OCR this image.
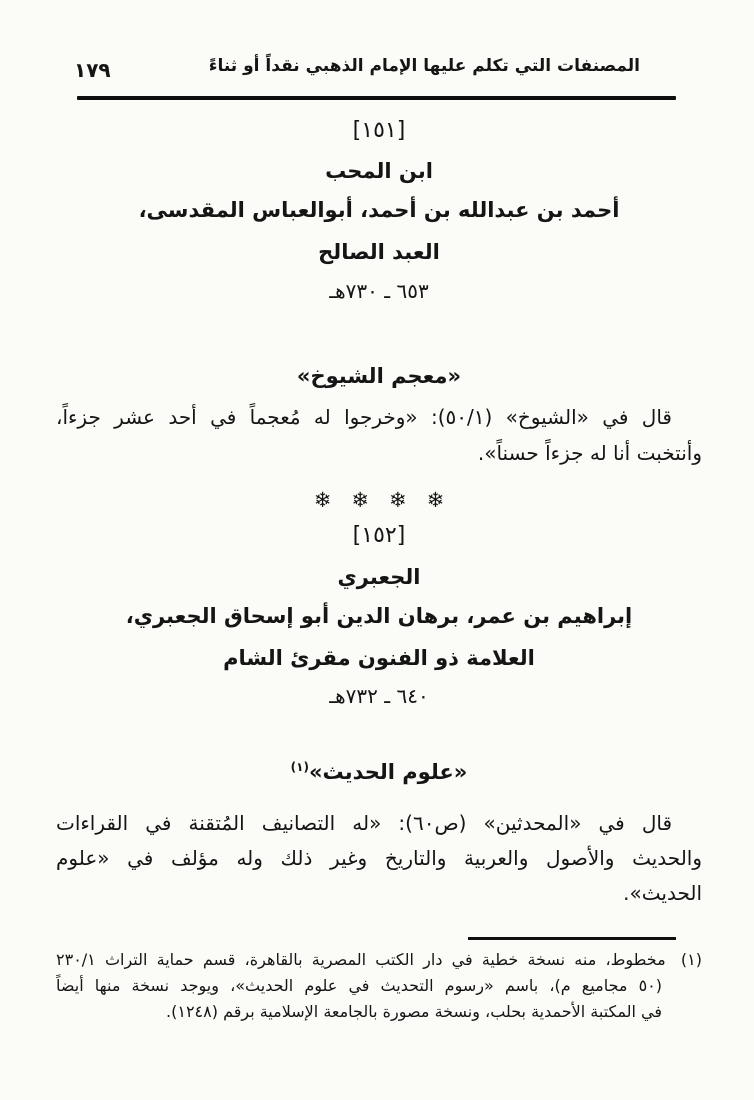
١٧٩	المصنفات التي تكلم عليها الإمام الذهبي نقداً أو ثناءً
[١٥١]
ابن المحب
أحمد بن عبدالله بن أحمد، أبوالعباس المقدسى،
العبد الصالح
٦٥٣ ـ ٧٣٠هـ
«معجم الشيوخ»
قال في «الشيوخ» (٥٠/١): «وخرجوا له مُعجماً في أحد عشر جزءاً،
وأنتخبت أنا له جزءاً حسناً».
❄❄❄❄
[١٥٢]
الجعبري
إبراهيم بن عمر، برهان الدين أبو إسحاق الجعبري،
العلامة ذو الفنون مقرئ الشام
٦٤٠ ـ ٧٣٢هـ
«علوم الحديث»$^{(١)}$
قال في «المحدثين» (ص٦٠): «له التصانيف المُتقنة في القراءات
والحديث والأصول والعربية والتاريخ وغير ذلك وله مؤلف في «علوم
الحديث».
(١) مخطوط، منه نسخة خطية في دار الكتب المصرية بالقاهرة، قسم حماية التراث ٢٣٠/١
(٥٠ مجاميع م)، باسم «رسوم التحديث في علوم الحديث»، ويوجد نسخة منها أيضاً
في المكتبة الأحمدية بحلب، ونسخة مصورة بالجامعة الإسلامية برقم (١٢٤٨).
